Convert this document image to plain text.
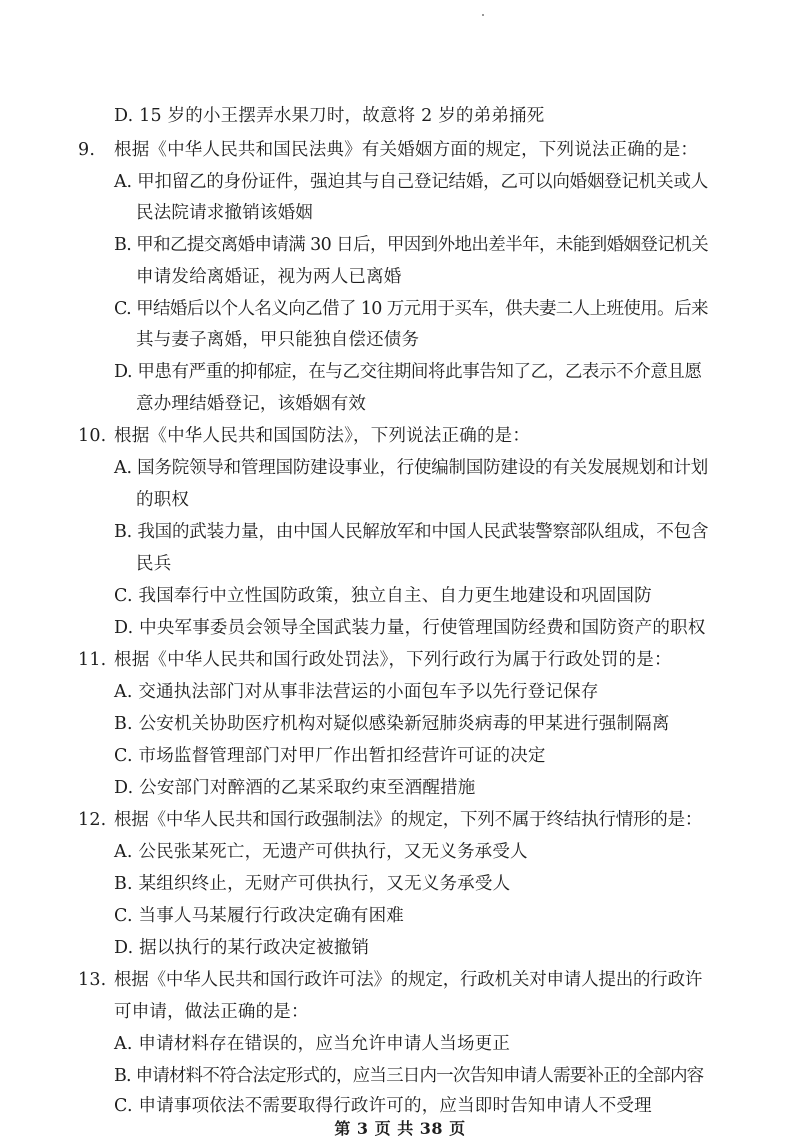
D. 15 岁的小王摆弄水果刀时，故意将 2 岁的弟弟捅死
9. 根据《中华人民共和国民法典》有关婚姻方面的规定，下列说法正确的是：
A. 甲扣留乙的身份证件，强迫其与自己登记结婚，乙可以向婚姻登记机关或人
民法院请求撤销该婚姻
B. 甲和乙提交离婚申请满 30 日后，甲因到外地出差半年，未能到婚姻登记机关
申请发给离婚证，视为两人已离婚
C. 甲结婚后以个人名义向乙借了 10 万元用于买车，供夫妻二人上班使用。后来
其与妻子离婚，甲只能独自偿还债务
D. 甲患有严重的抑郁症，在与乙交往期间将此事告知了乙，乙表示不介意且愿
意办理结婚登记，该婚姻有效
10. 根据《中华人民共和国国防法》，下列说法正确的是：
A. 国务院领导和管理国防建设事业，行使编制国防建设的有关发展规划和计划
的职权
B. 我国的武装力量，由中国人民解放军和中国人民武装警察部队组成，不包含
民兵
C. 我国奉行中立性国防政策，独立自主、自力更生地建设和巩固国防
D. 中央军事委员会领导全国武装力量，行使管理国防经费和国防资产的职权
11. 根据《中华人民共和国行政处罚法》，下列行政行为属于行政处罚的是：
A. 交通执法部门对从事非法营运的小面包车予以先行登记保存
B. 公安机关协助医疗机构对疑似感染新冠肺炎病毒的甲某进行强制隔离
C. 市场监督管理部门对甲厂作出暂扣经营许可证的决定
D. 公安部门对醉酒的乙某采取约束至酒醒措施
12. 根据《中华人民共和国行政强制法》的规定，下列不属于终结执行情形的是：
A. 公民张某死亡，无遗产可供执行，又无义务承受人
B. 某组织终止，无财产可供执行，又无义务承受人
C. 当事人马某履行行政决定确有困难
D. 据以执行的某行政决定被撤销
13. 根据《中华人民共和国行政许可法》的规定，行政机关对申请人提出的行政许
可申请，做法正确的是：
A. 申请材料存在错误的，应当允许申请人当场更正
B. 申请材料不符合法定形式的，应当三日内一次告知申请人需要补正的全部内容
C. 申请事项依法不需要取得行政许可的，应当即时告知申请人不受理
第 3 页 共 38 页
